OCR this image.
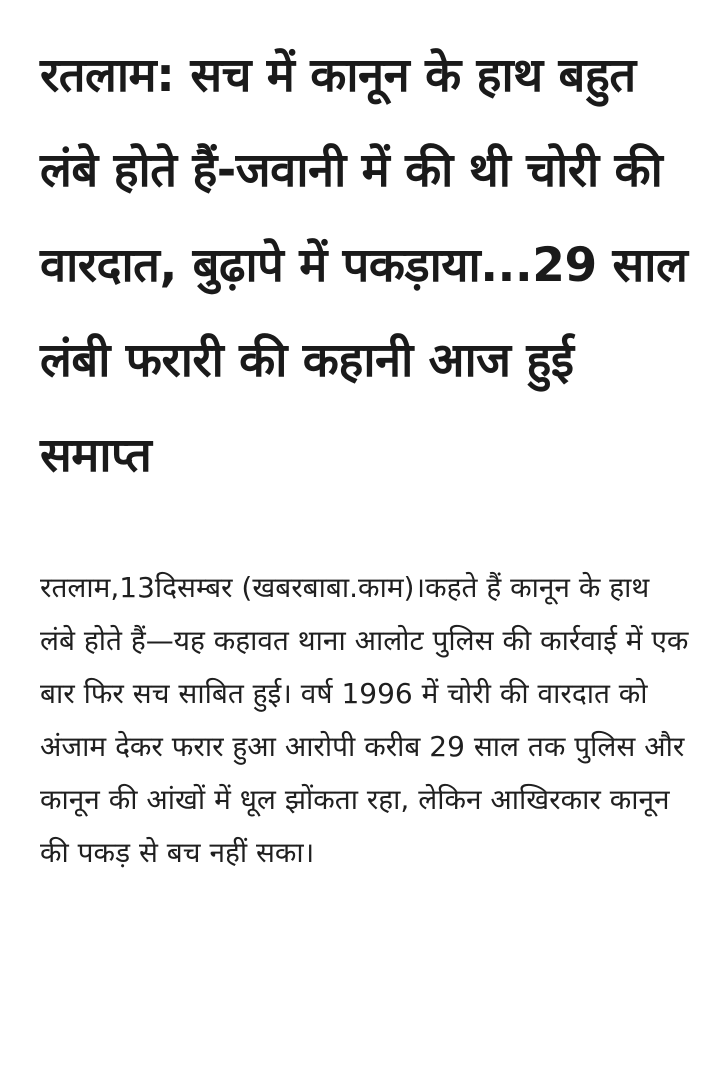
रतलाम: सच में कानून के हाथ बहुत लंबे होते हैं-जवानी में की थी चोरी की वारदात, बुढ़ापे में पकड़ाया...29 साल लंबी फरारी की कहानी आज हुई समाप्त

रतलाम,13दिसम्बर (खबरबाबा.काम)।कहते हैं कानून के हाथ लंबे होते हैं—यह कहावत थाना आलोट पुलिस की कार्रवाई में एक बार फिर सच साबित हुई। वर्ष 1996 में चोरी की वारदात को अंजाम देकर फरार हुआ आरोपी करीब 29 साल तक पुलिस और कानून की आंखों में धूल झोंकता रहा, लेकिन आखिरकार कानून की पकड़ से बच नहीं सका।
